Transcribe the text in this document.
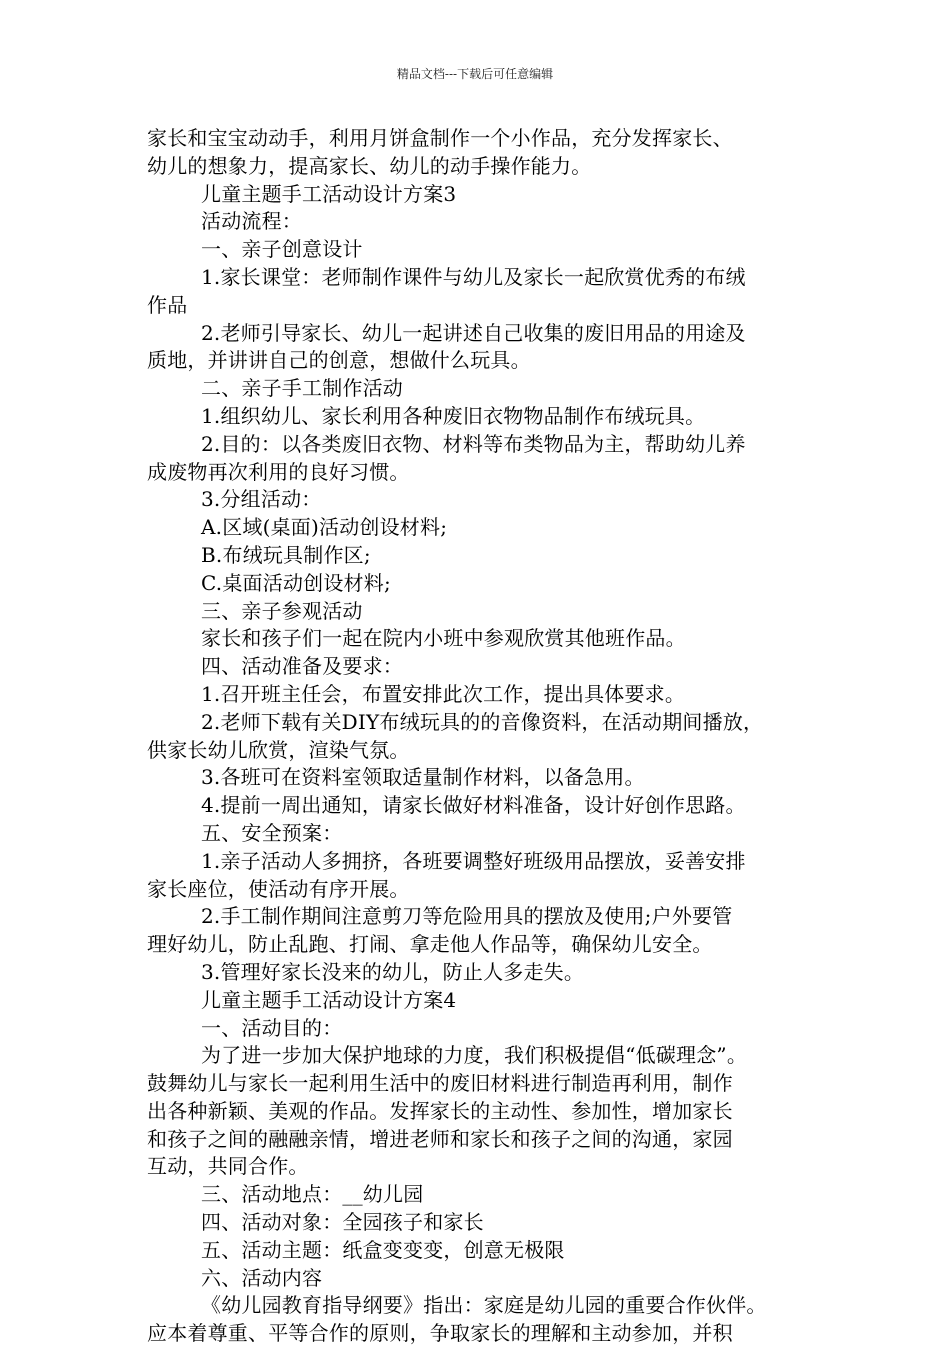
精品文档---下载后可任意编辑
家长和宝宝动动手，利用月饼盒制作一个小作品，充分发挥家长、
幼儿的想象力，提高家长、幼儿的动手操作能力。
儿童主题手工活动设计方案3
活动流程：
一、亲子创意设计
1.家长课堂：老师制作课件与幼儿及家长一起欣赏优秀的布绒
作品
2.老师引导家长、幼儿一起讲述自己收集的废旧用品的用途及
质地，并讲讲自己的创意，想做什么玩具。
二、亲子手工制作活动
1.组织幼儿、家长利用各种废旧衣物物品制作布绒玩具。
2.目的：以各类废旧衣物、材料等布类物品为主，帮助幼儿养
成废物再次利用的良好习惯。
3.分组活动：
A.区域(桌面)活动创设材料;
B.布绒玩具制作区;
C.桌面活动创设材料;
三、亲子参观活动
家长和孩子们一起在院内小班中参观欣赏其他班作品。
四、活动准备及要求：
1.召开班主任会，布置安排此次工作，提出具体要求。
2.老师下载有关DIY布绒玩具的的音像资料，在活动期间播放，
供家长幼儿欣赏，渲染气氛。
3.各班可在资料室领取适量制作材料，以备急用。
4.提前一周出通知，请家长做好材料准备，设计好创作思路。
五、安全预案：
1.亲子活动人多拥挤，各班要调整好班级用品摆放，妥善安排
家长座位，使活动有序开展。
2.手工制作期间注意剪刀等危险用具的摆放及使用;户外要管
理好幼儿，防止乱跑、打闹、拿走他人作品等，确保幼儿安全。
3.管理好家长没来的幼儿，防止人多走失。
儿童主题手工活动设计方案4
一、活动目的：
为了进一步加大保护地球的力度，我们积极提倡“低碳理念”。
鼓舞幼儿与家长一起利用生活中的废旧材料进行制造再利用，制作
出各种新颖、美观的作品。发挥家长的主动性、参加性，增加家长
和孩子之间的融融亲情，增进老师和家长和孩子之间的沟通，家园
互动，共同合作。
三、活动地点：__幼儿园
四、活动对象：全园孩子和家长
五、活动主题：纸盒变变变，创意无极限
六、活动内容
《幼儿园教育指导纲要》指出：家庭是幼儿园的重要合作伙伴。
应本着尊重、平等合作的原则，争取家长的理解和主动参加，并积
